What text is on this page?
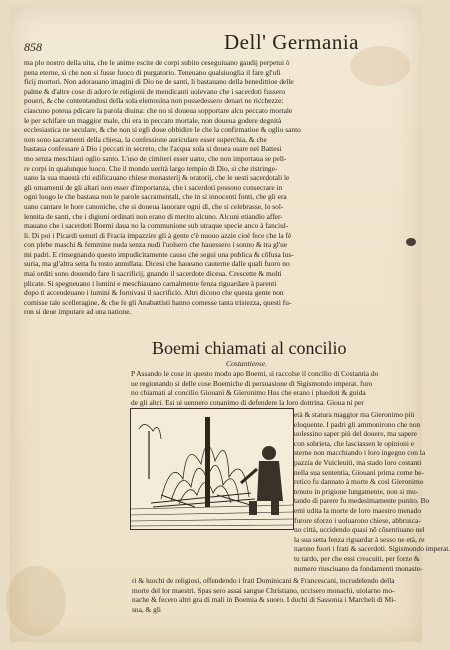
858	Dell' Germania
ma plo nostro della uita, che le anime escite de corpi subito ceseguiuano gaudij perpetui ò
pena eterne, sì che non si fusse fuoco di purgatorio. Teneuano qualsiuoglia il fare gl'ufi
ficij mortori. Non adorauano imagini di Dio ne de santi, li bastauano della benedittioe delle
palme & d'altre cose di adoro le religioni de mendicanti uolevano che i sacerdoti fussero
poueri, & che contentandosi della sola elemosina non possedessero denari ne ricchezze:
ciascuno poteua pdicare la parola diuina: che no si doueua sopportare alcu peccato mortale
le per schifare un maggior male, chi era in peccato mortale, non doueua godere degnità
ecclesiastica ne seculare, & che non si egli doue obbidire le che la confirmatioe & oglio santo
non sono sacramenti della chiesa, la confessione auriculare esser superchia, & che
bastaua confessare à Dio i peccati in secreto, che l'acqua sola si douea usare nel Battesi
mo senza meschiaui oglio santo. L'uso de cimiteri esser uano, che non importaua se pell-
re corpi in qualunque luoco. Che il mondo uerità largo tempio di Dio, si che ristringe-
uano la sua maestà chi edificauano chiese monasterij & oratorij, che le uesti sacerdotali le
gli ornamenti de gli altari non esser d'importanza, che i sacerdoti possono consecrare in
ogni luogo le che bastaua non le parole sacramentali, che in si innocenti fonti, che gli era
uano cantare le hore canoniche, che si doueua lauorare ogni dì, che si celebrasse, lo sol-
lennita de santi, che i digiuni ordinati non erano di merito alcuno. Alcuni etiandio affer-
mauano che i sacerdoti Boemi daua no la communione sub utraque specie anco à fanciul-
li. Di poi i Picardi uenuti di Fracia impazzire gli à gente c'è nuouo azzie cioè fece che la fè
con plebe maschi & femmine nuda senza nudi l'uolsero che hauessero i sonno & tra gl'ue
mi padri. E rinsegnando questo impudicitamente causo che segui una publica & cõfusa lus-
suria, ma gl'altra setta fu tosto annullata. Dicesi che haueano cauterne dalle quali fuoro no
mai orditi sono douendo fare li sacrificij, gnando il sacerdote diceua. Crescette & molti
plicate. Si spegneuano i lumini e meschiauano carnalmente fenza riguardare à parenti
dopo ti accendeuano i lumini & fornivasi il sacrificio. Altri dicono che questa gente non
comisse tale scelleragine, & che fe gli Anabattisti hanno comesse tanta tristezza, questi fu-
ron si deue imputare ad una natione.
Boemi chiamati al concilio
Costantiense.
P Assando le cose in questo modo apo Boemi, si raccolse il concilio di Costantia do
ue regionando si delle cose Boemiche di persuasione di Sigismondo imperat. furo
no chiamati al concilio Giouani & Gieronimo Hus che erano i pluedoti & guida
de gli altri. Esi ui uennero conanimo di defendere la loro dottrina. Gioua ni per
età & statura maggior ma Gieronimo più
eloquente. I padri gli ammonirono che non
uolessino saper più del douere, ma sapere
con sobrieta, che lasciassen le opinioni e
sterne non macchiando i loro ingegno con la
pazzia de Vuicleuiti, ma stado loro costanti
nella sua sententia, Giouani prima come he-
retico fu dannato à morte & così Gieronimo
tenuto in prigione lungamente, non si mu-
tando di parere fu medesimamente punito. Bo
emi udita la morte de loro maestro menado
furore sforzo i uoluarono chiese, abbrusca-
no città, uccidendo quasi nō cõsentiuano nel
la sua setta fenza riguardar à sesso ne età, re
narono fuori i frati & sacerdoti. Sigismondo imperat.
tu tardo, per che essi crescuiti, per forze &
numero riusciuano da fondamenti monaste-
ri & luochi de religiosi, offendendo i frati Dominicani & Francescani, incrudelendo della
morte del lor maestri. Spas sero assai sangue Christiano, uccisero monachi, uiolarno mo-
nache & fecero altri gra di mali in Boemia & suoro. I duchi di Sassonia i Marcheli di Mi-
sna, & gli
